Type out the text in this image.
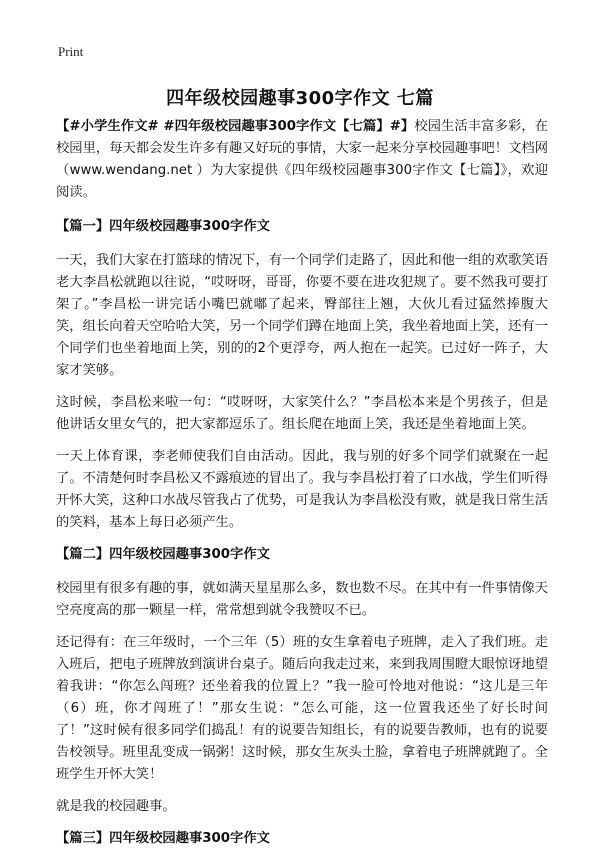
Print
四年级校园趣事300字作文 七篇

【#小学生作文# #四年级校园趣事300字作文【七篇】#】校园生活丰富多彩，在校园里，每天都会发生许多有趣又好玩的事情，大家一起来分享校园趣事吧！文档网（www.wendang.net ）为大家提供《四年级校园趣事300字作文【七篇】》，欢迎阅读。

【篇一】四年级校园趣事300字作文

一天，我们大家在打篮球的情况下，有一个同学们走路了，因此和他一组的欢歌笑语老大李昌松就跑以往说，“哎呀呀，哥哥，你要不要在进攻犯规了。要不然我可要打架了。”李昌松一讲完话小嘴巴就嘟了起来，臀部往上翘，大伙儿看过猛然捧腹大笑，组长向着天空哈哈大笑，另一个同学们蹲在地面上笑，我坐着地面上笑，还有一个同学们也坐着地面上笑，别的的2个更浮夸，两人抱在一起笑。已过好一阵子，大家才笑够。

这时候，李昌松来啦一句：“哎呀呀，大家笑什么？”李昌松本来是个男孩子，但是他讲话女里女气的，把大家都逗乐了。组长爬在地面上笑，我还是坐着地面上笑。

一天上体育课，李老师使我们自由活动。因此，我与别的好多个同学们就聚在一起了。不清楚何时李昌松又不露痕迹的冒出了。我与李昌松打着了口水战，学生们听得开怀大笑，这种口水战尽管我占了优势，可是我认为李昌松没有败，就是我日常生活的笑料，基本上每日必须产生。

【篇二】四年级校园趣事300字作文

校园里有很多有趣的事，就如满天星星那么多，数也数不尽。在其中有一件事情像天空亮度高的那一颗星一样，常常想到就令我赞叹不已。

还记得有：在三年级时，一个三年（5）班的女生拿着电子班牌，走入了我们班。走入班后，把电子班牌放到演讲台桌子。随后向我走过来，来到我周围瞪大眼惊讶地望着我讲：“你怎么闯班？还坐着我的位置上？”我一脸可怜地对他说：“这儿是三年（6）班，你才闯班了！”那女生说：“怎么可能，这一位置我还坐了好长时间了！”这时候有很多同学们捣乱！有的说要告知组长，有的说要告教师，也有的说要告校领导。班里乱变成一锅粥！这时候，那女生灰头土脸，拿着电子班牌就跑了。全班学生开怀大笑！

就是我的校园趣事。

【篇三】四年级校园趣事300字作文
